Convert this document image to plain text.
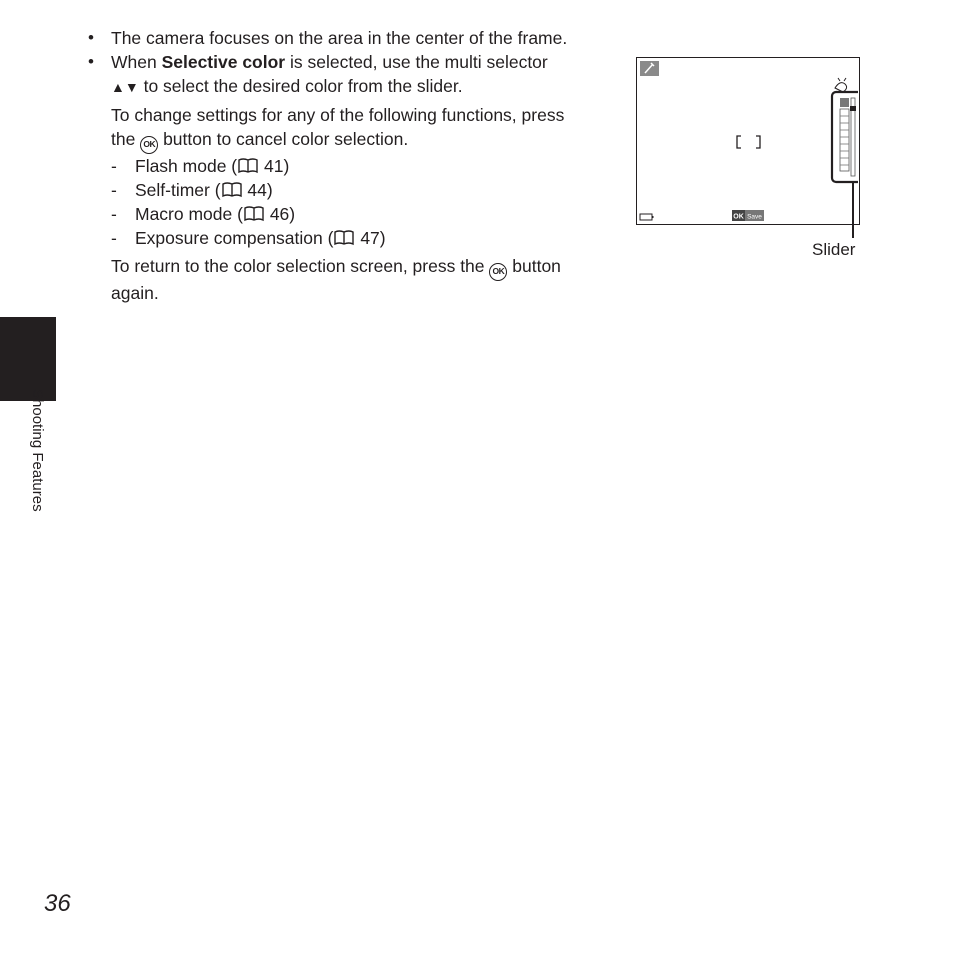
• The camera focuses on the area in the center of the frame.
• When Selective color is selected, use the multi selector
▲▼ to select the desired color from the slider.
To change settings for any of the following functions, press
the OK button to cancel color selection.
- Flash mode ( 41)
- Self-timer ( 44)
- Macro mode ( 46)
- Exposure compensation ( 47)
To return to the color selection screen, press the OK button
again.
Shooting Features
36
OK Save
Slider
